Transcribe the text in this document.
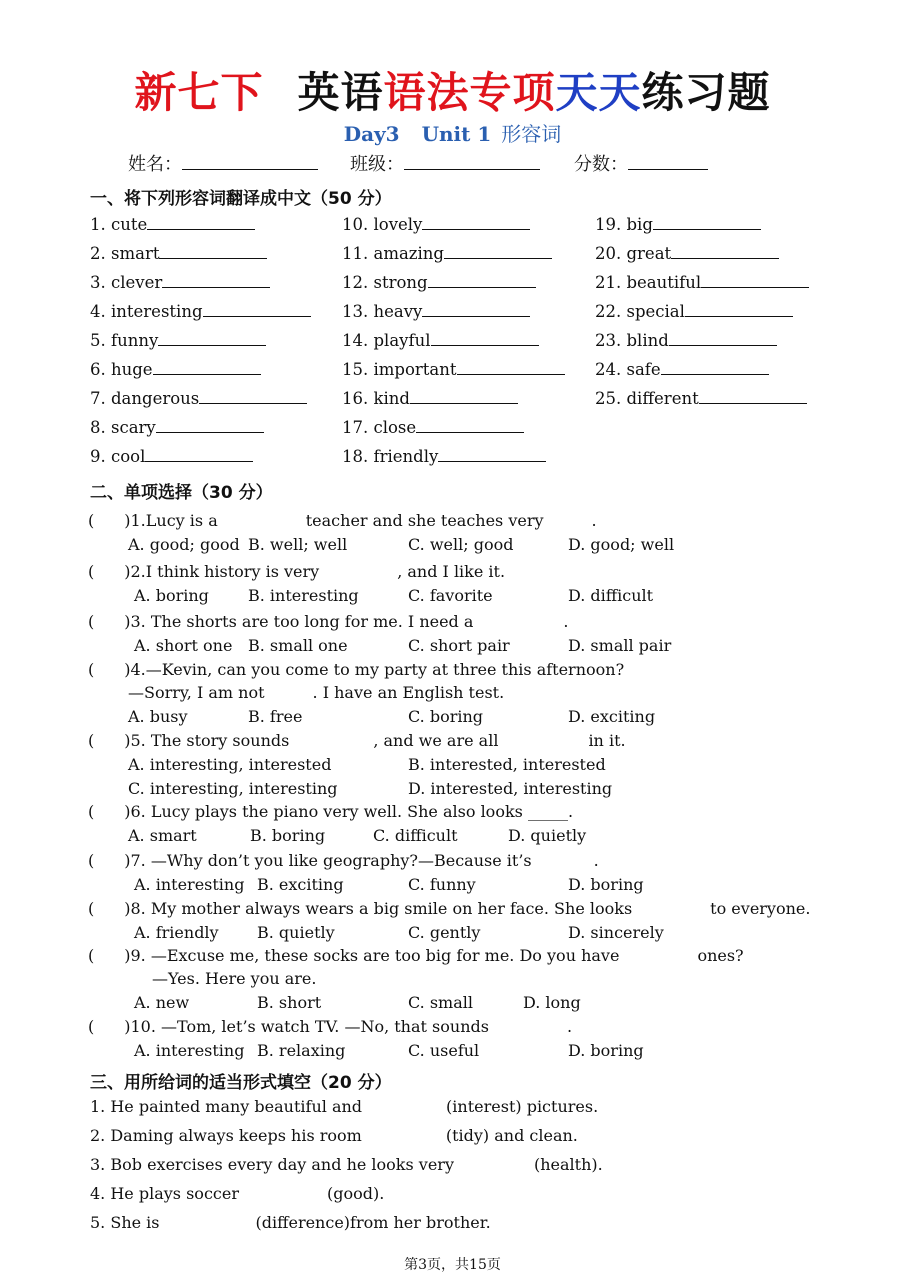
新七下 英语语法专项天天练习题
Day3 Unit 1 形容词
姓名：	班级：	分数：
一、将下列形容词翻译成中文（50 分）
1. cute
2. smart
3. clever
4. interesting
5. funny
6. huge
7. dangerous
8. scary
9. cool
10. lovely
11. amazing
12. strong
13. heavy
14. playful
15. important
16. kind
17. close
18. friendly
19. big
20. great
21. beautiful
22. special
23. blind
24. safe
25. different
二、单项选择（30 分）
( )1.Lucy is a	teacher and she teaches very	.
A. good; good B. well; well	C. well; good	D. good; well
( )2.I think history is very	, and I like it.
A. boring B. interesting	C. favorite	D. difficult
( )3. The shorts are too long for me. I need a	.
A. short one B. small one	C. short pair	D. small pair
( )4.—Kevin, can you come to my party at three this afternoon?
—Sorry, I am not	. I have an English test.
A. busy	B. free	C. boring	D. exciting
( )5. The story sounds	, and we are all	in it.
A. interesting, interested	B. interested, interested
C. interesting, interesting	D. interested, interesting
( )6. Lucy plays the piano very well. She also looks _____.
A. smart	B. boring	C. difficult	D. quietly
( )7. —Why don’t you like geography?—Because it’s	.
A. interesting B. exciting	C. funny	D. boring
( )8. My mother always wears a big smile on her face. She looks	to everyone.
A. friendly B. quietly	C. gently	D. sincerely
( )9. —Excuse me, these socks are too big for me. Do you have	ones?
—Yes. Here you are.
A. new	B. short	C. small	D. long
( )10. —Tom, let’s watch TV. —No, that sounds	.
A. interesting B. relaxing	C. useful	D. boring
三、用所给词的适当形式填空（20 分）
1. He painted many beautiful and	(interest) pictures.
2. Daming always keeps his room	(tidy) and clean.
3. Bob exercises every day and he looks very	(health).
4. He plays soccer	(good).
5. She is	(difference)from her brother.
第3页，共15页
